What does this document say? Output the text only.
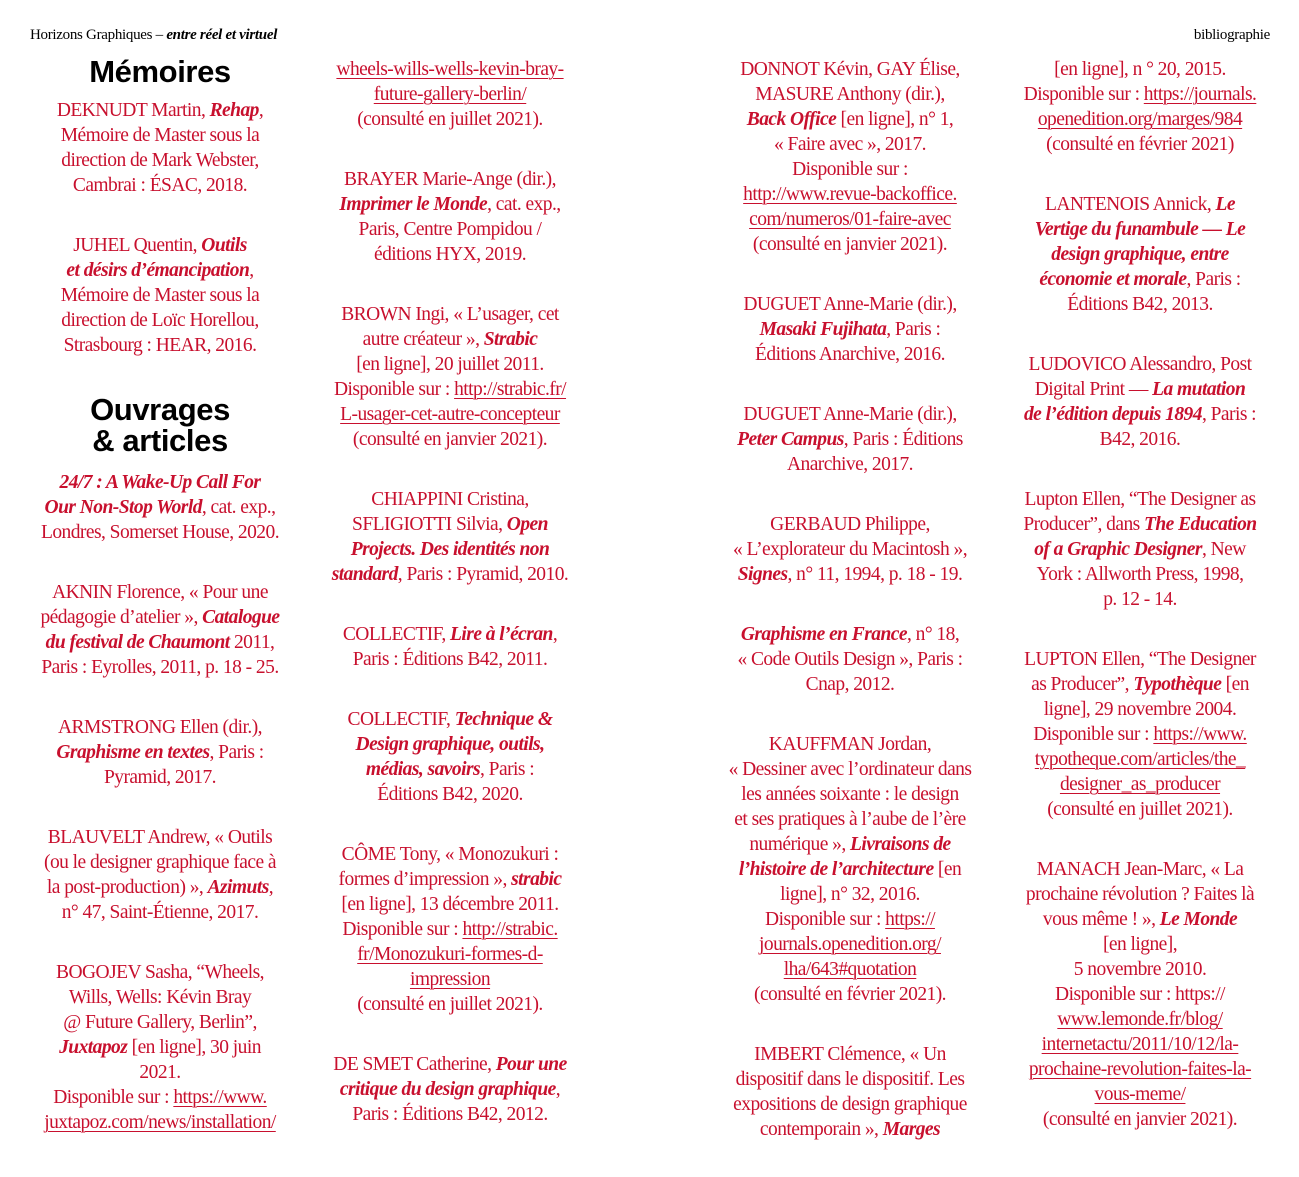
Horizons Graphiques – entre réel et virtuel	bibliographie
Mémoires

DEKNUDT Martin, Rehap,
Mémoire de Master sous la
direction de Mark Webster,
Cambrai : ÉSAC, 2018.

JUHEL Quentin, Outils
et désirs d’émancipation,
Mémoire de Master sous la
direction de Loïc Horellou,
Strasbourg : HEAR, 2016.

Ouvrages
& articles

24/7 : A Wake-Up Call For
Our Non-Stop World, cat. exp.,
Londres, Somerset House, 2020.

AKNIN Florence, « Pour une
pédagogie d’atelier », Catalogue
du festival de Chaumont 2011,
Paris : Eyrolles, 2011, p. 18 - 25.

ARMSTRONG Ellen (dir.),
Graphisme en textes, Paris :
Pyramid, 2017.

BLAUVELT Andrew, « Outils
(ou le designer graphique face à
la post-production) », Azimuts,
n° 47, Saint-Étienne, 2017.

BOGOJEV Sasha, “Wheels,
Wills, Wells: Kévin Bray
@ Future Gallery, Berlin”,
Juxtapoz [en ligne], 30 juin
2021.
Disponible sur : https://www.
juxtapoz.com/news/installation/

wheels-wills-wells-kevin-bray-
future-gallery-berlin/
(consulté en juillet 2021).

BRAYER Marie-Ange (dir.),
Imprimer le Monde, cat. exp.,
Paris, Centre Pompidou /
éditions HYX, 2019.

BROWN Ingi, « L’usager, cet
autre créateur », Strabic
[en ligne], 20 juillet 2011.
Disponible sur : http://strabic.fr/
L-usager-cet-autre-concepteur
(consulté en janvier 2021).

CHIAPPINI Cristina,
SFLIGIOTTI Silvia, Open
Projects. Des identités non
standard, Paris : Pyramid, 2010.

COLLECTIF, Lire à l’écran,
Paris : Éditions B42, 2011.

COLLECTIF, Technique &
Design graphique, outils,
médias, savoirs, Paris :
Éditions B42, 2020.

CÔME Tony, « Monozukuri :
formes d’impression », strabic
[en ligne], 13 décembre 2011.
Disponible sur : http://strabic.
fr/Monozukuri-formes-d-
impression
(consulté en juillet 2021).

DE SMET Catherine, Pour une
critique du design graphique,
Paris : Éditions B42, 2012.

DONNOT Kévin, GAY Élise,
MASURE Anthony (dir.),
Back Office [en ligne], n° 1,
« Faire avec », 2017.
Disponible sur :
http://www.revue-backoffice.
com/numeros/01-faire-avec
(consulté en janvier 2021).

DUGUET Anne-Marie (dir.),
Masaki Fujihata, Paris :
Éditions Anarchive, 2016.

DUGUET Anne-Marie (dir.),
Peter Campus, Paris : Éditions
Anarchive, 2017.

GERBAUD Philippe,
« L’explorateur du Macintosh »,
Signes, n° 11, 1994, p. 18 - 19.

Graphisme en France, n° 18,
« Code Outils Design », Paris :
Cnap, 2012.

KAUFFMAN Jordan,
« Dessiner avec l’ordinateur dans
les années soixante : le design
et ses pratiques à l’aube de l’ère
numérique », Livraisons de
l’histoire de l’architecture [en
ligne], n° 32, 2016.
Disponible sur : https://
journals.openedition.org/
lha/643#quotation
(consulté en février 2021).

IMBERT Clémence, « Un
dispositif dans le dispositif. Les
expositions de design graphique
contemporain », Marges

[en ligne], n ° 20, 2015.
Disponible sur : https://journals.
openedition.org/marges/984
(consulté en février 2021)

LANTENOIS Annick, Le
Vertige du funambule — Le
design graphique, entre
économie et morale, Paris :
Éditions B42, 2013.

LUDOVICO Alessandro, Post
Digital Print — La mutation
de l’édition depuis 1894, Paris :
B42, 2016.

Lupton Ellen, “The Designer as
Producer”, dans The Education
of a Graphic Designer, New
York : Allworth Press, 1998,
p. 12 - 14.

LUPTON Ellen, “The Designer
as Producer”, Typothèque [en
ligne], 29 novembre 2004.
Disponible sur : https://www.
typotheque.com/articles/the_
designer_as_producer
(consulté en juillet 2021).

MANACH Jean-Marc, « La
prochaine révolution ? Faites là
vous même ! », Le Monde
[en ligne],
5 novembre 2010.
Disponible sur : https://
www.lemonde.fr/blog/
internetactu/2011/10/12/la-
prochaine-revolution-faites-la-
vous-meme/
(consulté en janvier 2021).
